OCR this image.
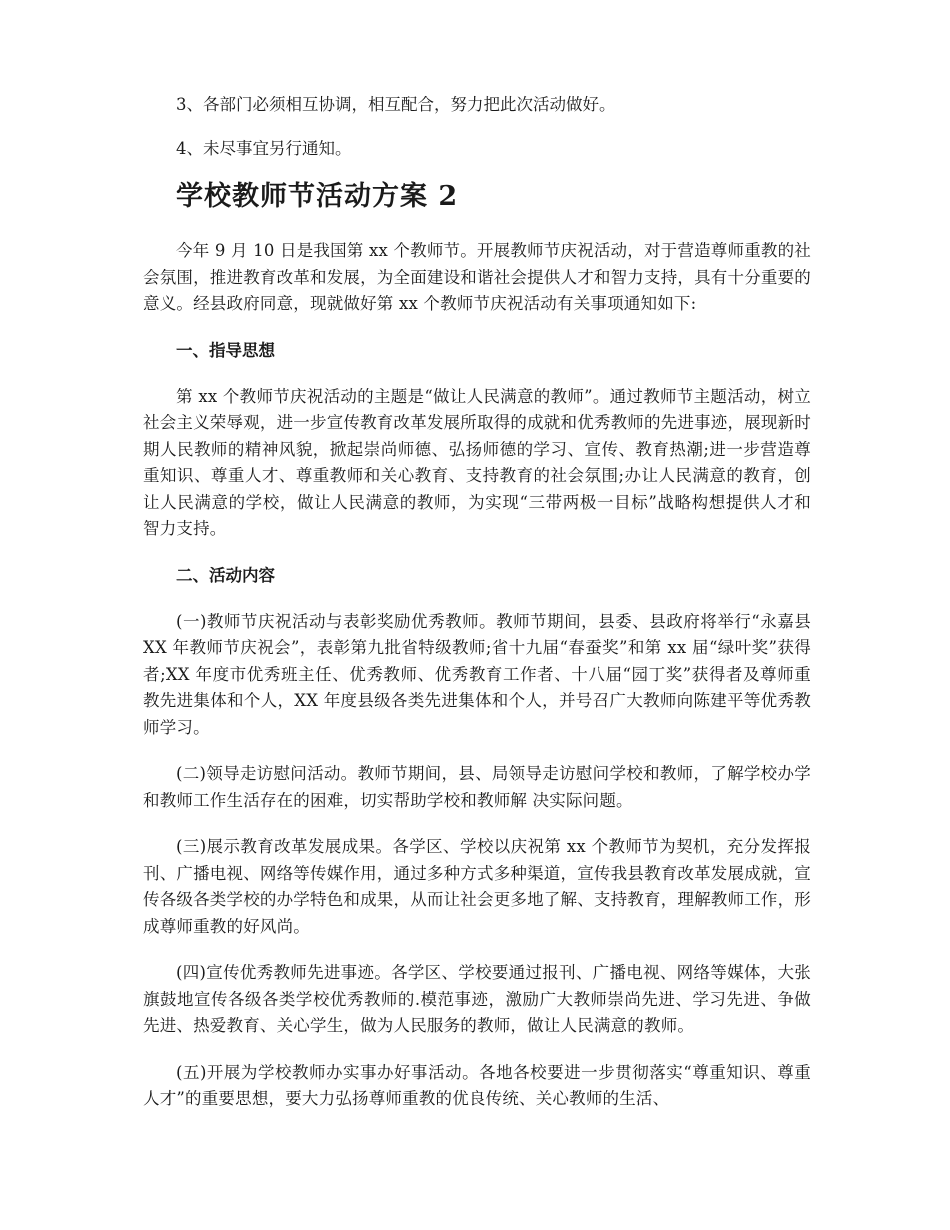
3、各部门必须相互协调，相互配合，努力把此次活动做好。

4、未尽事宜另行通知。

学校教师节活动方案 2

今年 9 月 10 日是我国第 xx 个教师节。开展教师节庆祝活动，对于营造尊师重教的社会氛围，推进教育改革和发展，为全面建设和谐社会提供人才和智力支持，具有十分重要的意义。经县政府同意，现就做好第 xx 个教师节庆祝活动有关事项通知如下:

一、指导思想

第 xx 个教师节庆祝活动的主题是“做让人民满意的教师”。通过教师节主题活动，树立社会主义荣辱观，进一步宣传教育改革发展所取得的成就和优秀教师的先进事迹，展现新时期人民教师的精神风貌，掀起崇尚师德、弘扬师德的学习、宣传、教育热潮;进一步营造尊重知识、尊重人才、尊重教师和关心教育、支持教育的社会氛围;办让人民满意的教育，创让人民满意的学校，做让人民满意的教师，为实现“三带两极一目标”战略构想提供人才和智力支持。

二、活动内容

(一)教师节庆祝活动与表彰奖励优秀教师。教师节期间，县委、县政府将举行“永嘉县 XX 年教师节庆祝会”，表彰第九批省特级教师;省十九届“春蚕奖”和第 xx 届“绿叶奖”获得者;XX 年度市优秀班主任、优秀教师、优秀教育工作者、十八届“园丁奖”获得者及尊师重教先进集体和个人，XX 年度县级各类先进集体和个人，并号召广大教师向陈建平等优秀教师学习。

(二)领导走访慰问活动。教师节期间，县、局领导走访慰问学校和教师，了解学校办学和教师工作生活存在的困难，切实帮助学校和教师解 决实际问题。

(三)展示教育改革发展成果。各学区、学校以庆祝第 xx 个教师节为契机，充分发挥报刊、广播电视、网络等传媒作用，通过多种方式多种渠道，宣传我县教育改革发展成就，宣传各级各类学校的办学特色和成果，从而让社会更多地了解、支持教育，理解教师工作，形成尊师重教的好风尚。

(四)宣传优秀教师先进事迹。各学区、学校要通过报刊、广播电视、网络等媒体，大张旗鼓地宣传各级各类学校优秀教师的.模范事迹，激励广大教师崇尚先进、学习先进、争做先进、热爱教育、关心学生，做为人民服务的教师，做让人民满意的教师。

(五)开展为学校教师办实事办好事活动。各地各校要进一步贯彻落实“尊重知识、尊重人才”的重要思想，要大力弘扬尊师重教的优良传统、关心教师的生活、
